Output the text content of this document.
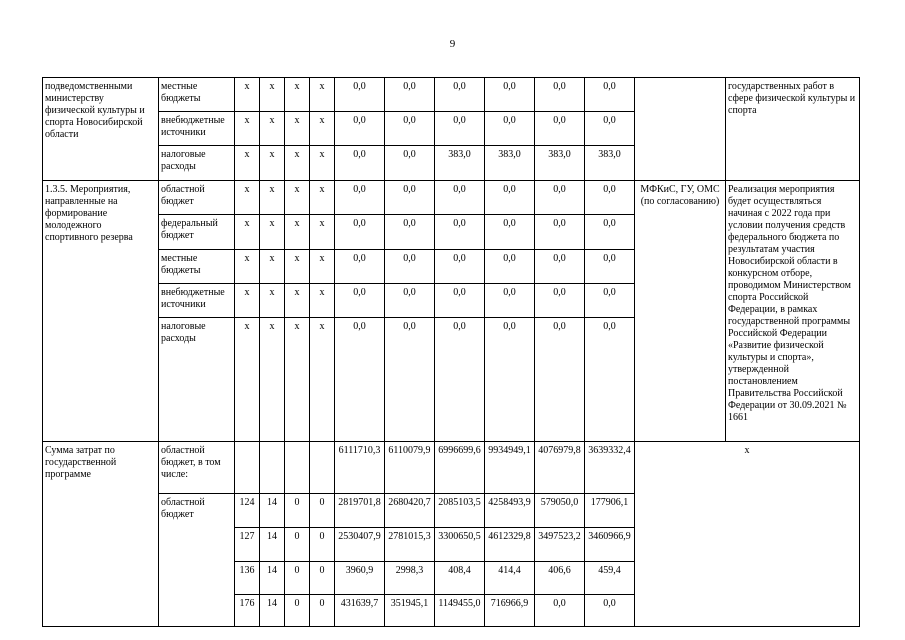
9
подведомственными министерству физической культуры и спорта Новосибирской области	местные бюджеты	x	x	x	x	0,0	0,0	0,0	0,0	0,0	0,0		государственных работ в сфере физической культуры и спорта
	внебюджетные источники	x	x	x	x	0,0	0,0	0,0	0,0	0,0	0,0		
	налоговые расходы	x	x	x	x	0,0	0,0	383,0	383,0	383,0	383,0		
1.3.5. Мероприятия, направленные на формирование молодежного спортивного резерва	областной бюджет	x	x	x	x	0,0	0,0	0,0	0,0	0,0	0,0	МФКиС, ГУ, ОМС (по согласованию)	Реализация мероприятия будет осуществляться начиная с 2022 года при условии получения средств федерального бюджета по результатам участия Новосибирской области в конкурсном отборе, проводимом Министерством спорта Российской Федерации, в рамках государственной программы Российской Федерации «Развитие физической культуры и спорта», утвержденной постановлением Правительства Российской Федерации от 30.09.2021 № 1661
	федеральный бюджет	x	x	x	x	0,0	0,0	0,0	0,0	0,0	0,0		
	местные бюджеты	x	x	x	x	0,0	0,0	0,0	0,0	0,0	0,0		
	внебюджетные источники	x	x	x	x	0,0	0,0	0,0	0,0	0,0	0,0		
	налоговые расходы	x	x	x	x	0,0	0,0	0,0	0,0	0,0	0,0		
Сумма затрат по государственной программе	областной бюджет, в том числе:					6111710,3	6110079,9	6996699,6	9934949,1	4076979,8	3639332,4	x	
	областной бюджет	124	14	0	0	2819701,8	2680420,7	2085103,5	4258493,9	579050,0	177906,1		
		127	14	0	0	2530407,9	2781015,3	3300650,5	4612329,8	3497523,2	3460966,9		
		136	14	0	0	3960,9	2998,3	408,4	414,4	406,6	459,4		
		176	14	0	0	431639,7	351945,1	1149455,0	716966,9	0,0	0,0		
